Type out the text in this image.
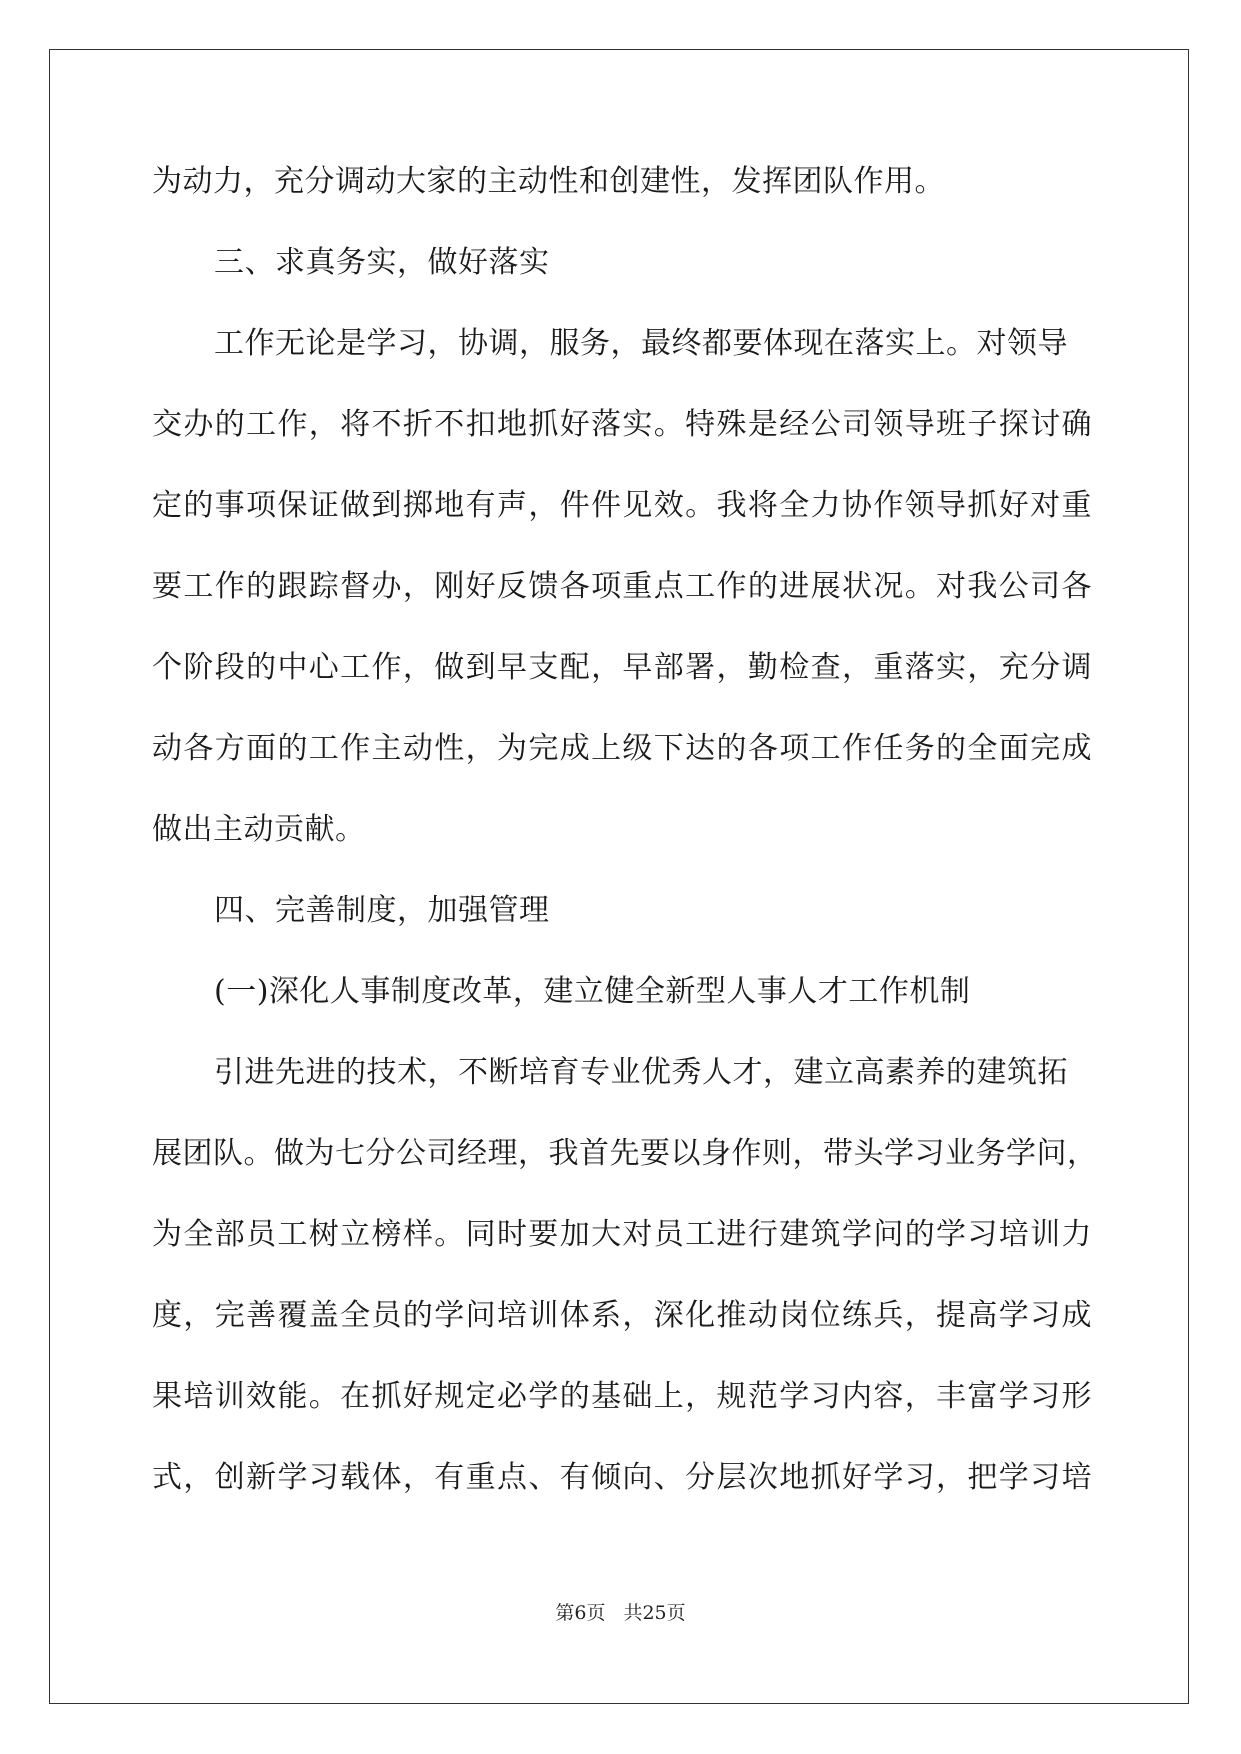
为动力，充分调动大家的主动性和创建性，发挥团队作用。
三、求真务实，做好落实
工作无论是学习，协调，服务，最终都要体现在落实上。对领导
交办的工作，将不折不扣地抓好落实。特殊是经公司领导班子探讨确
定的事项保证做到掷地有声，件件见效。我将全力协作领导抓好对重
要工作的跟踪督办，刚好反馈各项重点工作的进展状况。对我公司各
个阶段的中心工作，做到早支配，早部署，勤检查，重落实，充分调
动各方面的工作主动性，为完成上级下达的各项工作任务的全面完成
做出主动贡献。
四、完善制度，加强管理
(一)深化人事制度改革，建立健全新型人事人才工作机制
引进先进的技术，不断培育专业优秀人才，建立高素养的建筑拓
展团队。做为七分公司经理，我首先要以身作则，带头学习业务学问，
为全部员工树立榜样。同时要加大对员工进行建筑学问的学习培训力
度，完善覆盖全员的学问培训体系，深化推动岗位练兵，提高学习成
果培训效能。在抓好规定必学的基础上，规范学习内容，丰富学习形
式，创新学习载体，有重点、有倾向、分层次地抓好学习，把学习培
第6页 共25页
